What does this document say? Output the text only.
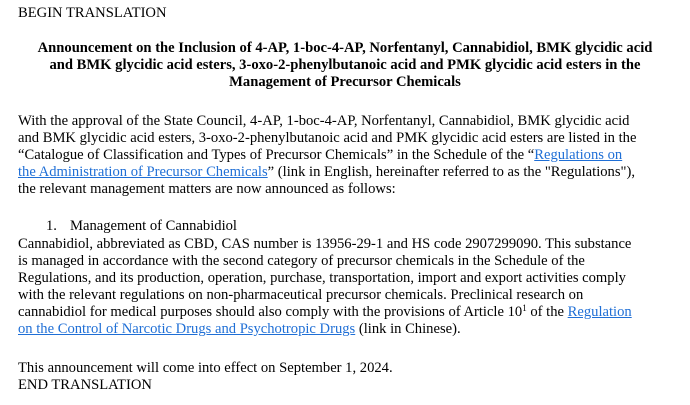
BEGIN TRANSLATION
Announcement on the Inclusion of 4-AP, 1-boc-4-AP, Norfentanyl, Cannabidiol, BMK glycidic acid
and BMK glycidic acid esters, 3-oxo-2-phenylbutanoic acid and PMK glycidic acid esters in the
Management of Precursor Chemicals
With the approval of the State Council, 4-AP, 1-boc-4-AP, Norfentanyl, Cannabidiol, BMK glycidic acid
and BMK glycidic acid esters, 3-oxo-2-phenylbutanoic acid and PMK glycidic acid esters are listed in the
“Catalogue of Classification and Types of Precursor Chemicals” in the Schedule of the “Regulations on
the Administration of Precursor Chemicals” (link in English, hereinafter referred to as the "Regulations"),
the relevant management matters are now announced as follows:
1. Management of Cannabidiol
Cannabidiol, abbreviated as CBD, CAS number is 13956-29-1 and HS code 2907299090. This substance
is managed in accordance with the second category of precursor chemicals in the Schedule of the
Regulations, and its production, operation, purchase, transportation, import and export activities comply
with the relevant regulations on non-pharmaceutical precursor chemicals. Preclinical research on
cannabidiol for medical purposes should also comply with the provisions of Article $10^1$ of the Regulation
on the Control of Narcotic Drugs and Psychotropic Drugs (link in Chinese).
This announcement will come into effect on September 1, 2024.
END TRANSLATION
